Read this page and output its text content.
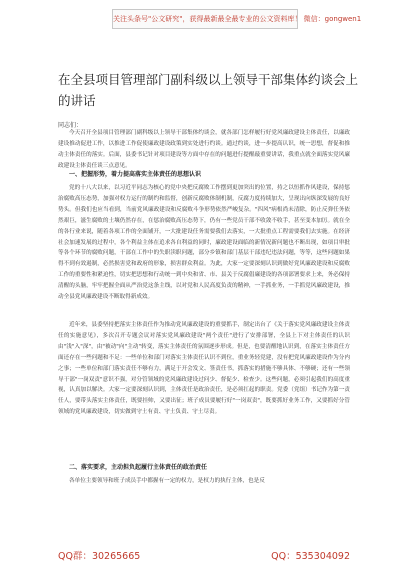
关注头条号"公文研究"，获得最新最全最专业的公文资料库！ 微信：gongwen1
在全县项目管理部门副科级以上领导干部集体约谈会上的讲话
同志们：

今天召开全县项目管理部门副科级以上领导干部集体约谈会，就各部门怎样履行好党风廉政建设主体责任，以廉政建设推动促进工作，以推进工作促使廉政建设政策到实处进行约谈。通过约谈，进一步提高认识，统一思想，督促和推动主体责任的落实。后面，县委书记针对项目建设等方面中存在的问题进行提醒敲重要讲话，我重点就全面落实党风廉政建设主体责任谈三点意见。

一、把握形势，着力提高落实主体责任的思想认识

党的十八大以来，以习近平同志为核心的党中央把反腐败工作摆到更加突出的位置，持之以恒抓作风建设，保持惩治腐败高压态势，加强对权力运行的制约和监督，创新反腐败体制机制，反腐力度持续加大，呈现出向纵深发展的良好势头。但我们也应当看到，当前党风廉政建设和反腐败斗争形势依然严峻复杂。"四风"病根尚未清除，防止反弹任务依然艰巨，滋生腐败的土壤仍然存在，在惩治腐败高压态势下，仍有一些党员干部不收敛不收手，甚至变本加厉。就在全的各行业来说，随着各项工作的全面铺开，一大批建设任务需要我们去落实，一大批重点工程需要我们去实施。在经济社会加速发展的过程中，各个利益主体在追求各自利益的同时，廉政建设面临的新情况新问题也不断出现，如项目审批等各个环节的腐败问题，干部在工作中的失职渎职问题，部分乡镇和部门基层干部违纪违法问题，等等，这些问题如果得不到有效遏制，必然损害党和政府的形象，损害群众利益。为此，大家一定要深刻认识到做好党风廉政建设和反腐败工作的重要性和紧迫性，切实把思想和行动统一到中央和省、市、县关于反腐倡廉建设的各项部署要求上来，务必保持清醒的头脑，牢牢把握全面从严治党这条主线，以对党和人民高度负责的精神，一手抓业务，一手抓党风廉政建设，推动全县党风廉政建设不断取得新成效。

近年来，县委坚持把落实主体责任作为推动党风廉政建设的重要抓手，制定出台了《关于落实党风廉政建设主体责任的实施意见》，多次召开专题会议对落实党风廉政建设"两个责任"进行了安排部署，全县上下对主体责任的认识由"浅"入"深"，由"被动"向"主动"转变，落实主体责任的氛围逐步形成。但是，也要清醒地认识到，在落实主体责任方面还存在一些问题和不足：一些单位和部门对落实主体责任认识不到位，重业务轻党建，没有把党风廉政建设作为分内之事；一些单位和部门落实责任不够有力，满足于开会发文、签责任书，抓落实的措施不够具体、不够硬；还有一些领导干部"一岗双责"意识不强，对分管领域的党风廉政建设过问少、督促少、检查少。这些问题，必须引起我们的高度重视，认真加以解决。大家一定要深刻认识到，主体责任是政治责任，是必须扛起的职责。党委（党组）书记作为第一责任人，要带头落实主体责任，既要挂帅，又要出征；班子成员要履行好"一岗双责"，既要抓好业务工作，又要抓好分管领域的党风廉政建设，切实做到守土有责、守土负责、守土尽责。

二、落实要求，主动担负起履行主体责任的政治责任

各单位主要领导和班子成员手中都握有一定的权力，是权力的执行主体，也是反

QQ群：30265665	QQ：535304092
